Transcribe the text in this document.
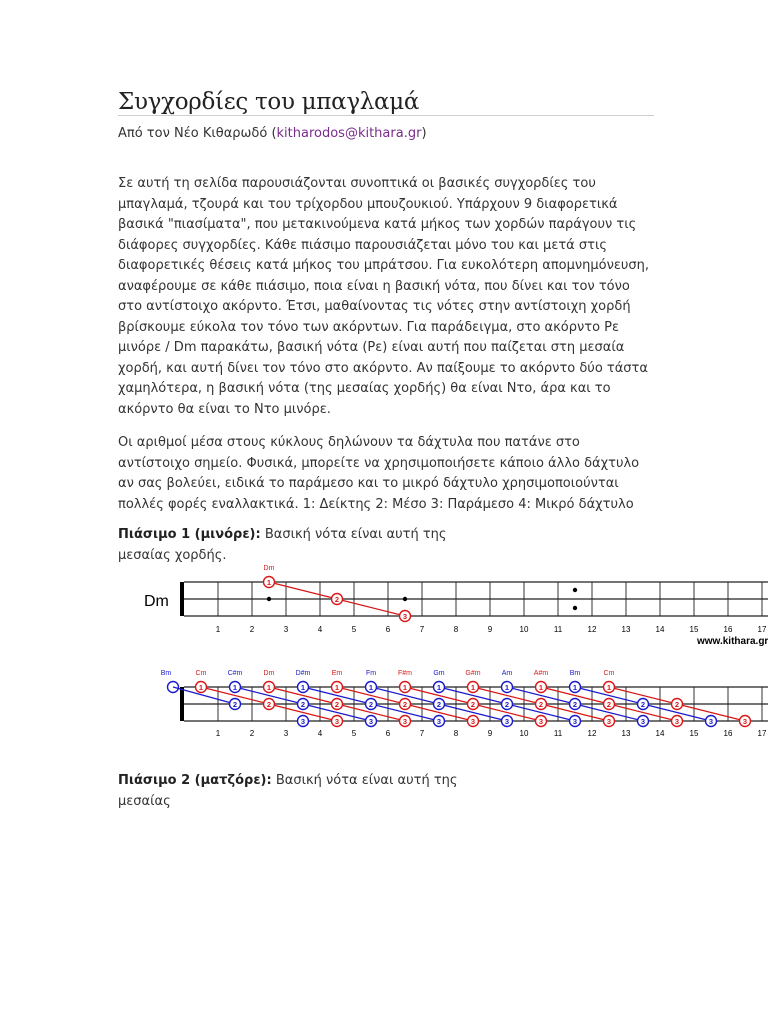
Συγχορδίες του μπαγλαμά

Από τον Νέο Κιθαρωδό (kitharodos@kithara.gr)

Σε αυτή τη σελίδα παρουσιάζονται συνοπτικά οι βασικές συγχορδίες του μπαγλαμά, τζουρά και του τρίχορδου μπουζουκιού. Υπάρχουν 9 διαφορετικά βασικά "πιασίματα", που μετακινούμενα κατά μήκος των χορδών παράγουν τις διάφορες συγχορδίες. Κάθε πιάσιμο παρουσιάζεται μόνο του και μετά στις διαφορετικές θέσεις κατά μήκος του μπράτσου. Για ευκολότερη απομνημόνευση, αναφέρουμε σε κάθε πιάσιμο, ποια είναι η βασική νότα, που δίνει και τον τόνο στο αντίστοιχο ακόρντο. Έτσι, μαθαίνοντας τις νότες στην αντίστοιχη χορδή βρίσκουμε εύκολα τον τόνο των ακόρντων. Για παράδειγμα, στο ακόρντο Ρε μινόρε / Dm παρακάτω, βασική νότα (Ρε) είναι αυτή που παίζεται στη μεσαία χορδή, και αυτή δίνει τον τόνο στο ακόρντο. Αν παίξουμε το ακόρντο δύο τάστα χαμηλότερα, η βασική νότα (της μεσαίας χορδής) θα είναι Ντο, άρα και το ακόρντο θα είναι το Ντο μινόρε.

Οι αριθμοί μέσα στους κύκλους δηλώνουν τα δάχτυλα που πατάνε στο αντίστοιχο σημείο. Φυσικά, μπορείτε να χρησιμοποιήσετε κάποιο άλλο δάχτυλο αν σας βολεύει, ειδικά το παράμεσο και το μικρό δάχτυλο χρησιμοποιούνται πολλές φορές εναλλακτικά. 1: Δείκτης 2: Μέσο 3: Παράμεσο 4: Μικρό δάχτυλο

Πιάσιμο 1 (μινόρε): Βασική νότα είναι αυτή της μεσαίας χορδής.

1	2	3	4	5	6	7	8	9	10	11	12	13	14	15	16	17
Dm
Dm
1
2
3
www.kithara.gr
1	2	3	4	5	6	7	8	9	10	11	12	13	14	15	16	17
Bm	Cm	C#m	Dm	D#m	Em	Fm	F#m	Gm	G#m	Am	A#m	Bm	Cm
1
2
3
1
2
3
1
2
3
1
2
3
1
2
3
1
2
3
1
2
3
1
2
3
1
2
3
1
2
3
1
2
3
1
2
3
1
2
3
2
3

Πιάσιμο 2 (ματζόρε): Βασική νότα είναι αυτή της μεσαίας
